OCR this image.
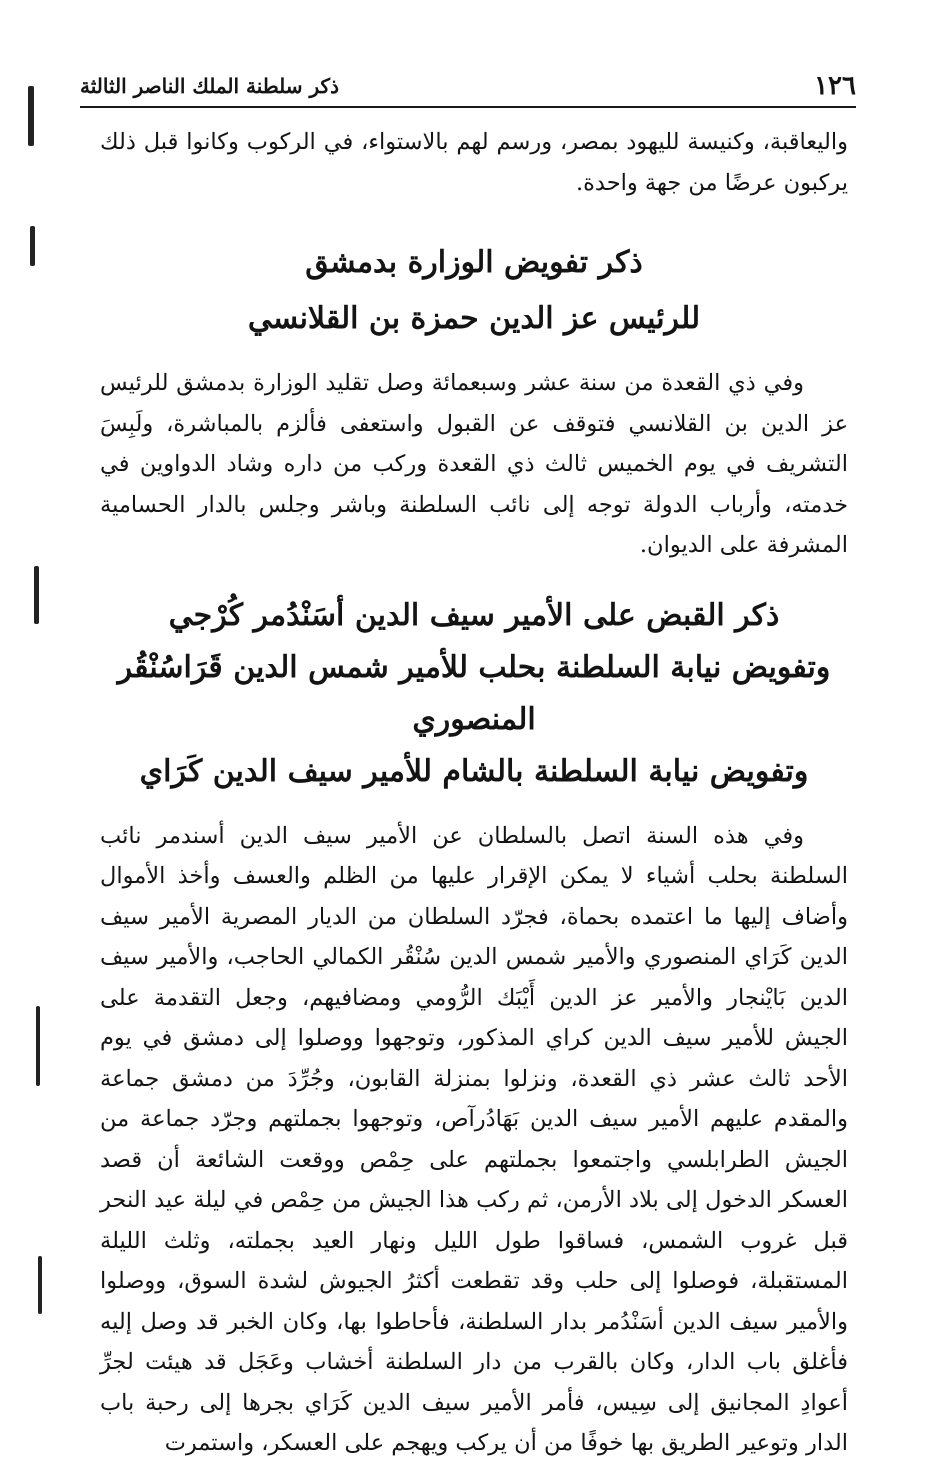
١٢٦
ذكر سلطنة الملك الناصر الثالثة

واليعاقبة، وكنيسة لليهود بمصر، ورسم لهم بالاستواء، في الركوب وكانوا قبل ذلك يركبون عرضًا من جهة واحدة.

ذكر تفويض الوزارة بدمشق
للرئيس عز الدين حمزة بن القلانسي

وفي ذي القعدة من سنة عشر وسبعمائة وصل تقليد الوزارة بدمشق للرئيس عز الدين بن القلانسي فتوقف عن القبول واستعفى فألزم بالمباشرة، ولَبِسَ التشريف في يوم الخميس ثالث ذي القعدة وركب من داره وشاد الدواوين في خدمته، وأرباب الدولة توجه إلى نائب السلطنة وباشر وجلس بالدار الحسامية المشرفة على الديوان.

ذكر القبض على الأمير سيف الدين أسَنْدُمر كُرْجي
وتفويض نيابة السلطنة بحلب للأمير شمس الدين قَرَاسُنْقُر المنصوري
وتفويض نيابة السلطنة بالشام للأمير سيف الدين كَرَاي

وفي هذه السنة اتصل بالسلطان عن الأمير سيف الدين أسندمر نائب السلطنة بحلب أشياء لا يمكن الإقرار عليها من الظلم والعسف وأخذ الأموال وأضاف إليها ما اعتمده بحماة، فجرّد السلطان من الديار المصرية الأمير سيف الدين كَرَاي المنصوري والأمير شمس الدين سُنْقُر الكمالي الحاجب، والأمير سيف الدين بَايْنجار والأمير عز الدين أَيْبَك الرُّومي ومضافيهم، وجعل التقدمة على الجيش للأمير سيف الدين كراي المذكور، وتوجهوا ووصلوا إلى دمشق في يوم الأحد ثالث عشر ذي القعدة، ونزلوا بمنزلة القابون، وجُرِّدَ من دمشق جماعة والمقدم عليهم الأمير سيف الدين بَهَادُرآص، وتوجهوا بجملتهم وجرّد جماعة من الجيش الطرابلسي واجتمعوا بجملتهم على حِمْص ووقعت الشائعة أن قصد العسكر الدخول إلى بلاد الأرمن، ثم ركب هذا الجيش من حِمْص في ليلة عيد النحر قبل غروب الشمس، فساقوا طول الليل ونهار العيد بجملته، وثلث الليلة المستقبلة، فوصلوا إلى حلب وقد تقطعت أكثرُ الجيوش لشدة السوق، ووصلوا والأمير سيف الدين أسَنْدُمر بدار السلطنة، فأحاطوا بها، وكان الخبر قد وصل إليه فأغلق باب الدار، وكان بالقرب من دار السلطنة أخشاب وعَجَل قد هيئت لجرِّ أعوادِ المجانيق إلى سِيس، فأمر الأمير سيف الدين كَرَاي بجرها إلى رحبة باب الدار وتوعير الطريق بها خوفًا من أن يركب ويهجم على العسكر، واستمرت
